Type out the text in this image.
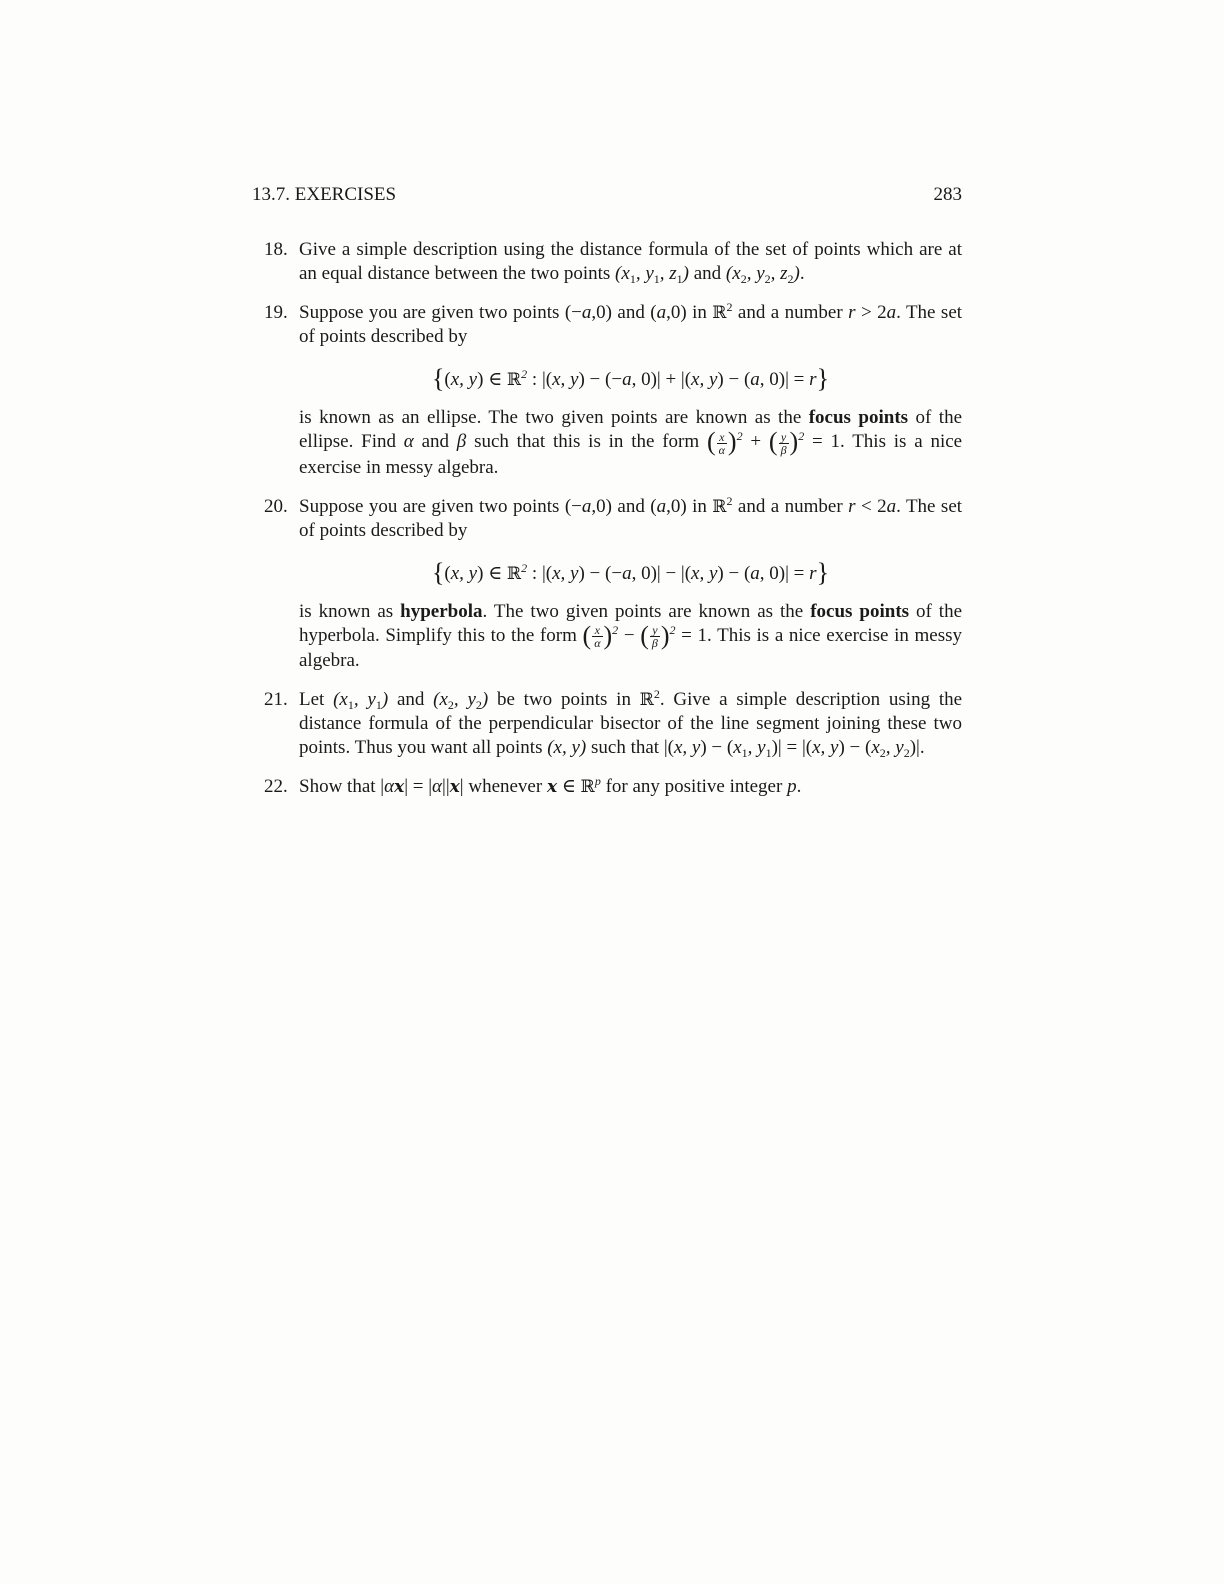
13.7. EXERCISES	283
18. Give a simple description using the distance formula of the set of points which are at an equal distance between the two points ($x_1$, $y_1$, $z_1$) and ($x_2$, $y_2$, $z_2$).
19. Suppose you are given two points (−a,0) and (a,0) in ℝ$^2$ and a number r > 2a. The set of points described by
{(x, y) ∈ ℝ$^2$ : |(x, y) − (−a, 0)| + |(x, y) − (a, 0)| = r}
is known as an ellipse. The two given points are known as the focus points of the ellipse. Find α and β such that this is in the form ( $\frac{x}{\alpha} )^2$ + ( $\frac{y}{\beta} )^2 = 1$. This is a nice exercise in messy algebra.
20. Suppose you are given two points (−a,0) and (a,0) in ℝ$^2$ and a number r < 2a. The set of points described by
{(x, y) ∈ ℝ$^2$ : |(x, y) − (−a, 0)| − |(x, y) − (a, 0)| = r}
is known as hyperbola. The two given points are known as the focus points of the hyperbola. Simplify this to the form ( $\frac{x}{\alpha} )^2$ − ( $\frac{y}{\beta} )^2 = 1$. This is a nice exercise in messy algebra.
21. Let ($x_1$, $y_1$) and ($x_2$, $y_2$) be two points in ℝ$^2$. Give a simple description using the distance formula of the perpendicular bisector of the line segment joining these two points. Thus you want all points (x, y) such that |(x, $y) - (x_1$, $y_1)| = |(x$, $y) - (x_2$, $y_2)|$.
22. Show that |αx| = |α||x| whenever x ∈ ℝ$^p$ for any positive integer p.
